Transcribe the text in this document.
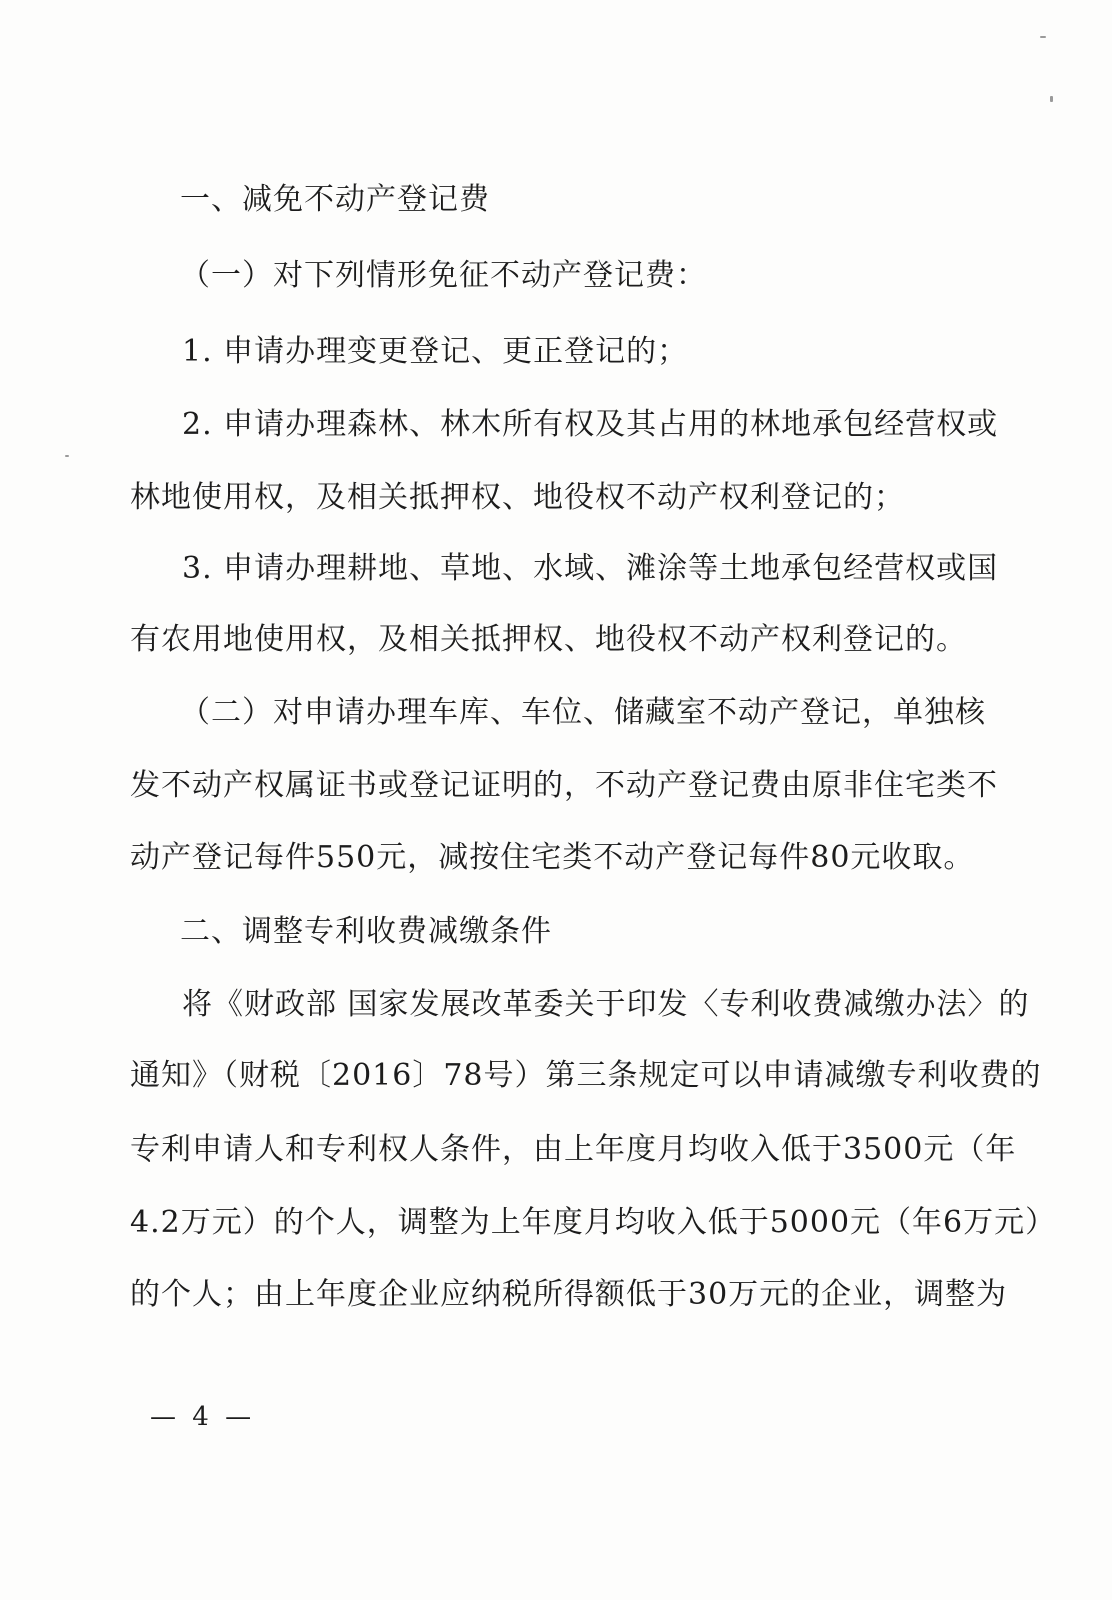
一、减免不动产登记费
（一）对下列情形免征不动产登记费：
1. 申请办理变更登记、更正登记的；
2. 申请办理森林、林木所有权及其占用的林地承包经营权或
林地使用权，及相关抵押权、地役权不动产权利登记的；
3. 申请办理耕地、草地、水域、滩涂等土地承包经营权或国
有农用地使用权，及相关抵押权、地役权不动产权利登记的。
（二）对申请办理车库、车位、储藏室不动产登记，单独核
发不动产权属证书或登记证明的，不动产登记费由原非住宅类不
动产登记每件550元，减按住宅类不动产登记每件80元收取。
二、调整专利收费减缴条件
将《财政部 国家发展改革委关于印发〈专利收费减缴办法〉的
通知》（财税〔2016〕78号）第三条规定可以申请减缴专利收费的
专利申请人和专利权人条件，由上年度月均收入低于3500元（年
4.2万元）的个人，调整为上年度月均收入低于5000元（年6万元）
的个人；由上年度企业应纳税所得额低于30万元的企业，调整为
— 4 —
